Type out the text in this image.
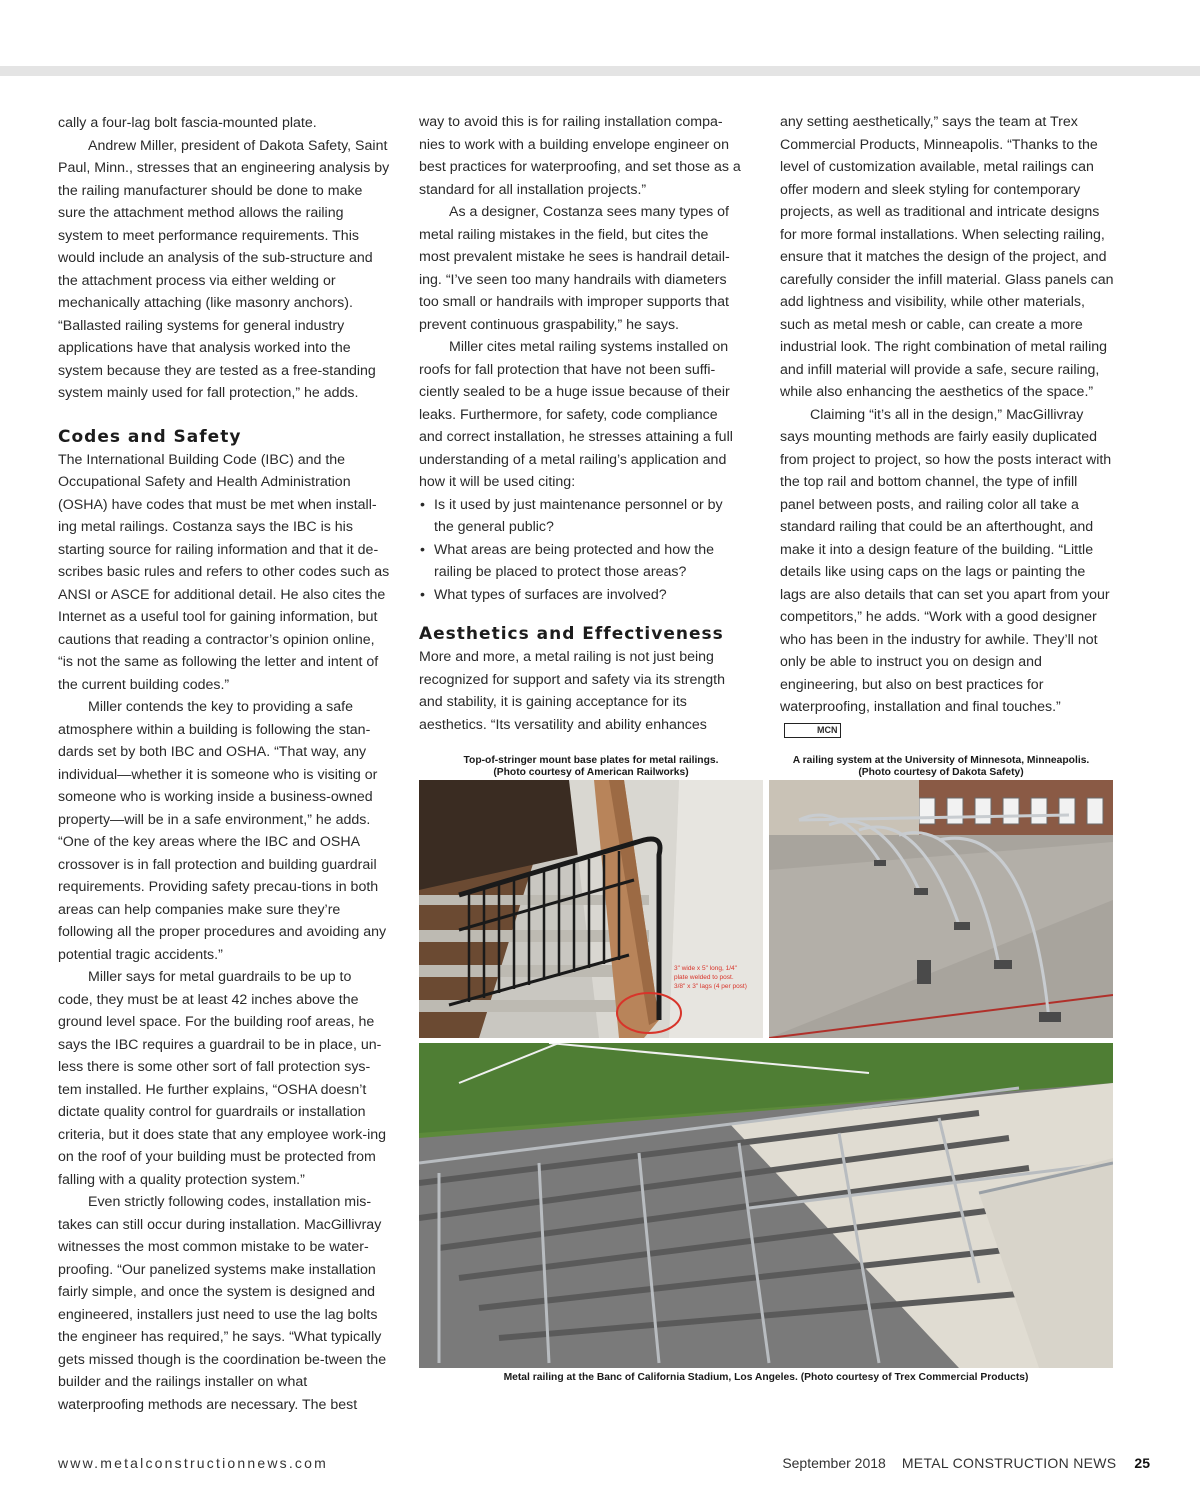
cally a four-lag bolt fascia-mounted plate.

Andrew Miller, president of Dakota Safety, Saint Paul, Minn., stresses that an engineering analysis by the railing manufacturer should be done to make sure the attachment method allows the railing system to meet performance requirements. This would include an analysis of the sub-structure and the attachment process via either welding or mechanically attaching (like masonry anchors). “Ballasted railing systems for general industry applications have that analysis worked into the system because they are tested as a free-standing system mainly used for fall protection,” he adds.

Codes and Safety

The International Building Code (IBC) and the Occupational Safety and Health Administration (OSHA) have codes that must be met when install-ing metal railings. Costanza says the IBC is his starting source for railing information and that it de-scribes basic rules and refers to other codes such as ANSI or ASCE for additional detail. He also cites the Internet as a useful tool for gaining information, but cautions that reading a contractor’s opinion online, “is not the same as following the letter and intent of the current building codes.”

Miller contends the key to providing a safe atmosphere within a building is following the stan-dards set by both IBC and OSHA. “That way, any individual—whether it is someone who is visiting or someone who is working inside a business-owned property—will be in a safe environment,” he adds. “One of the key areas where the IBC and OSHA crossover is in fall protection and building guardrail requirements. Providing safety precau-tions in both areas can help companies make sure they’re following all the proper procedures and avoiding any potential tragic accidents.”

Miller says for metal guardrails to be up to code, they must be at least 42 inches above the ground level space. For the building roof areas, he says the IBC requires a guardrail to be in place, un-less there is some other sort of fall protection sys-tem installed. He further explains, “OSHA doesn’t dictate quality control for guardrails or installation criteria, but it does state that any employee work-ing on the roof of your building must be protected from falling with a quality protection system.”

Even strictly following codes, installation mis-takes can still occur during installation. MacGillivray witnesses the most common mistake to be water-proofing. “Our panelized systems make installation fairly simple, and once the system is designed and engineered, installers just need to use the lag bolts the engineer has required,” he says. “What typically gets missed though is the coordination be-tween the builder and the railings installer on what waterproofing methods are necessary. The best

way to avoid this is for railing installation compa-nies to work with a building envelope engineer on best practices for waterproofing, and set those as a standard for all installation projects.”

As a designer, Costanza sees many types of metal railing mistakes in the field, but cites the most prevalent mistake he sees is handrail detail-ing. “I’ve seen too many handrails with diameters too small or handrails with improper supports that prevent continuous graspability,” he says.

Miller cites metal railing systems installed on roofs for fall protection that have not been suffi-ciently sealed to be a huge issue because of their leaks. Furthermore, for safety, code compliance and correct installation, he stresses attaining a full understanding of a metal railing’s application and how it will be used citing:

• Is it used by just maintenance personnel or by the general public?
• What areas are being protected and how the railing be placed to protect those areas?
• What types of surfaces are involved?
Aesthetics and Effectiveness

More and more, a metal railing is not just being recognized for support and safety via its strength and stability, it is gaining acceptance for its aesthetics. “Its versatility and ability enhances

any setting aesthetically,” says the team at Trex Commercial Products, Minneapolis. “Thanks to the level of customization available, metal railings can offer modern and sleek styling for contemporary projects, as well as traditional and intricate designs for more formal installations. When selecting railing, ensure that it matches the design of the project, and carefully consider the infill material. Glass panels can add lightness and visibility, while other materials, such as metal mesh or cable, can create a more industrial look. The right combination of metal railing and infill material will provide a safe, secure railing, while also enhancing the aesthetics of the space.”

Claiming “it’s all in the design,” MacGillivray says mounting methods are fairly easily duplicated from project to project, so how the posts interact with the top rail and bottom channel, the type of infill panel between posts, and railing color all take a standard railing that could be an afterthought, and make it into a design feature of the building. “Little details like using caps on the lags or painting the lags are also details that can set you apart from your competitors,” he adds. “Work with a good designer who has been in the industry for awhile. They’ll not only be able to instruct you on design and engineering, but also on best practices for waterproofing, installation and final touches.”MCN

Top-of-stringer mount base plates for metal railings.
(Photo courtesy of American Railworks)
A railing system at the University of Minnesota, Minneapolis.
(Photo courtesy of Dakota Safety)
3" wide x 5" long, 1/4"
plate welded to post.
3/8" x 3" lags (4 per post)
Metal railing at the Banc of California Stadium, Los Angeles. (Photo courtesy of Trex Commercial Products)
www.metalconstructionnews.com	September 2018 METAL CONSTRUCTION NEWS 25
